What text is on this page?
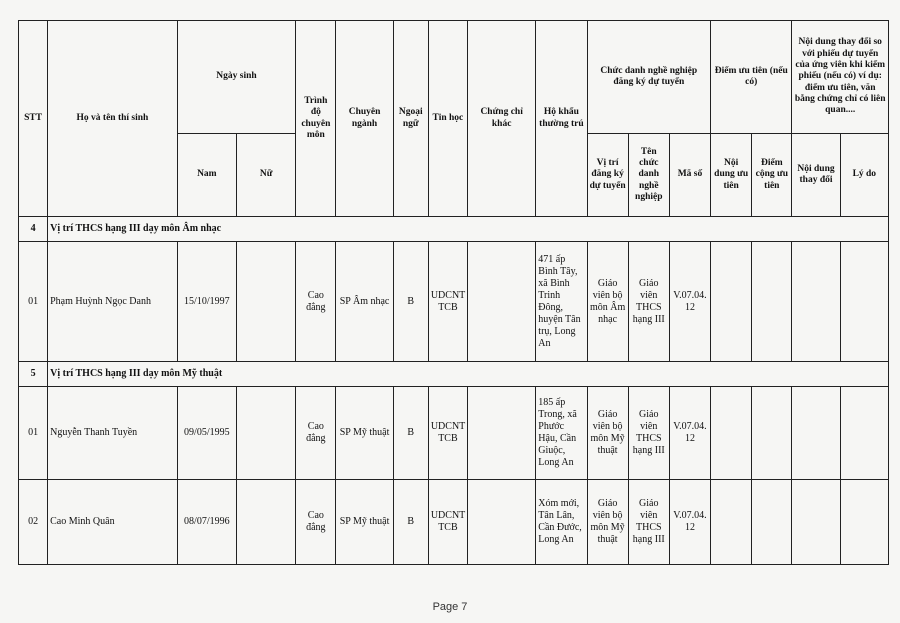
STT	Họ và tên thí sinh	Ngày sinh		Trình độ chuyên môn	Chuyên ngành	Ngoại ngữ	Tin học	Chứng chỉ khác	Hộ khẩu thường trú	Chức danh nghề nghiệp đăng ký dự tuyển			Điểm ưu tiên (nếu có)		Nội dung thay đổi so với phiếu dự tuyển của ứng viên khi kiểm phiếu (nếu có) ví dụ: điểm ưu tiên, văn bằng chứng chỉ có liên quan....	
		Nam	Nữ							Vị trí đăng ký dự tuyển	Tên chức danh nghề nghiệp	Mã số	Nội dung ưu tiên	Điểm cộng ưu tiên	Nội dung thay đổi	Lý do
4	Vị trí THCS hạng III dạy môn Âm nhạc															
01	Phạm Huỳnh Ngọc Danh	15/10/1997		Cao đẳng	SP Âm nhạc	B	UDCNT TCB		471 ấp Bình Tây, xã Bình Trinh Đông, huyện Tân trụ, Long An	Giáo viên bộ môn Âm nhạc	Giáo viên THCS hạng III	V.07.04. 12				
5	Vị trí THCS hạng III dạy môn Mỹ thuật															
01	Nguyễn Thanh Tuyền	09/05/1995		Cao đẳng	SP Mỹ thuật	B	UDCNT TCB		185 ấp Trong, xã Phước Hậu, Cần Giuộc, Long An	Giáo viên bộ môn Mỹ thuật	Giáo viên THCS hạng III	V.07.04. 12				
02	Cao Minh Quân	08/07/1996		Cao đẳng	SP Mỹ thuật	B	UDCNT TCB		Xóm mới, Tân Lân, Cần Đước, Long An	Giáo viên bộ môn Mỹ thuật	Giáo viên THCS hạng III	V.07.04. 12				
Page 7
